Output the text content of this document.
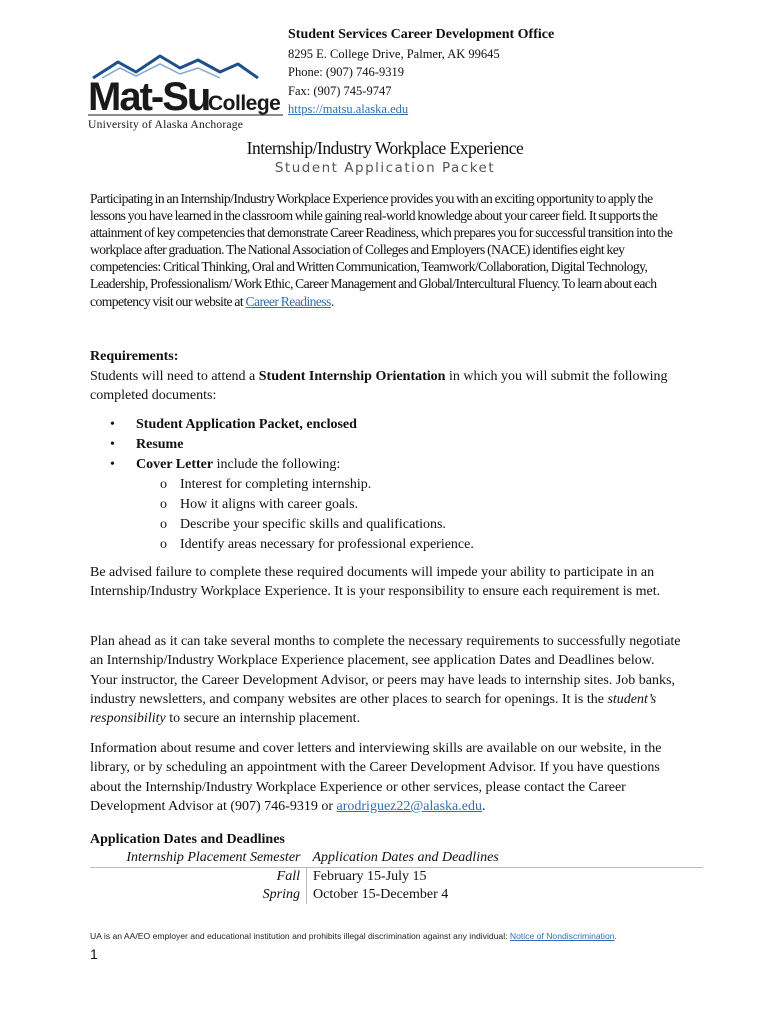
Mat-Su
College
University of Alaska Anchorage
Student Services Career Development Office
8295 E. College Drive, Palmer, AK 99645
Phone: (907) 746-9319
Fax: (907) 745-9747
https://matsu.alaska.edu
Internship/Industry Workplace Experience
Student Application Packet
Participating in an Internship/Industry Workplace Experience provides you with an exciting opportunity to apply the lessons you have learned in the classroom while gaining real-world knowledge about your career field. It supports the attainment of key competencies that demonstrate Career Readiness, which prepares you for successful transition into the workplace after graduation. The National Association of Colleges and Employers (NACE) identifies eight key competencies: Critical Thinking, Oral and Written Communication, Teamwork/Collaboration, Digital Technology, Leadership, Professionalism/ Work Ethic, Career Management and Global/Intercultural Fluency. To learn about each competency visit our website at Career Readiness.
Requirements:
Students will need to attend a Student Internship Orientation in which you will submit the following completed documents:
• Student Application Packet, enclosed
• Resume
• Cover Letter include the following:
o Interest for completing internship.
o How it aligns with career goals.
o Describe your specific skills and qualifications.
o Identify areas necessary for professional experience.
Be advised failure to complete these required documents will impede your ability to participate in an Internship/Industry Workplace Experience. It is your responsibility to ensure each requirement is met.
Plan ahead as it can take several months to complete the necessary requirements to successfully negotiate an Internship/Industry Workplace Experience placement, see application Dates and Deadlines below. Your instructor, the Career Development Advisor, or peers may have leads to internship sites. Job banks, industry newsletters, and company websites are other places to search for openings. It is the student’s responsibility to secure an internship placement.
Information about resume and cover letters and interviewing skills are available on our website, in the library, or by scheduling an appointment with the Career Development Advisor. If you have questions about the Internship/Industry Workplace Experience or other services, please contact the Career Development Advisor at (907) 746-9319 or arodriguez22@alaska.edu.
Application Dates and Deadlines
Internship Placement Semester	Application Dates and Deadlines
Fall	February 15-July 15
Spring	October 15-December 4
UA is an AA/EO employer and educational institution and prohibits illegal discrimination against any individual: Notice of Nondiscrimination.
1
